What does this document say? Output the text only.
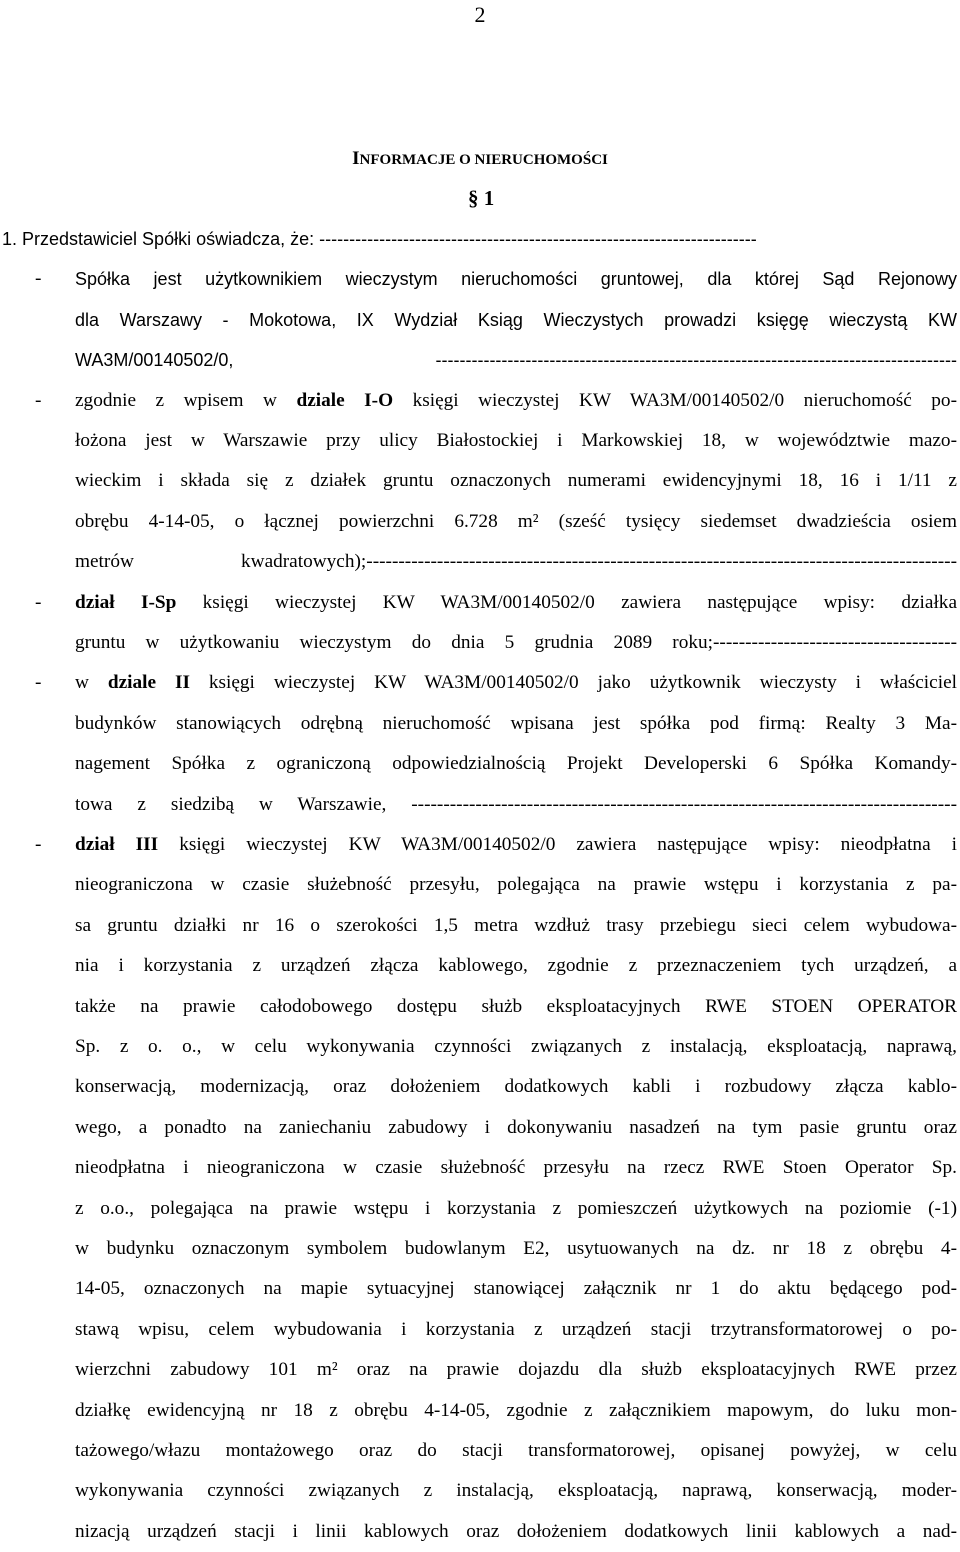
2
INFORMACJE O NIERUCHOMOŚCI
§ 1
1. Przedstawiciel Spółki oświadcza, że: -------------------------------------------------------------------------
- Spółka jest użytkownikiem wieczystym nieruchomości gruntowej, dla której Sąd Rejonowy
dla Warszawy - Mokotowa, IX Wydział Ksiąg Wieczystych prowadzi księgę wieczystą KW
WA3M/00140502/0, ---------------------------------------------------------------------------------------
- zgodnie z wpisem w dziale I-O księgi wieczystej KW WA3M/00140502/0 nieruchomość po-
łożona jest w Warszawie przy ulicy Białostockiej i Markowskiej 18, w województwie mazo-
wieckim i składa się z działek gruntu oznaczonych numerami ewidencyjnymi 18, 16 i 1/11 z
obrębu 4-14-05, o łącznej powierzchni 6.728 m² (sześć tysięcy siedemset dwadzieścia osiem
metrów kwadratowych);--------------------------------------------------------------------------------------------
- dział I-Sp księgi wieczystej KW WA3M/00140502/0 zawiera następujące wpisy: działka
gruntu w użytkowaniu wieczystym do dnia 5 grudnia 2089 roku;--------------------------------------
- w dziale II księgi wieczystej KW WA3M/00140502/0 jako użytkownik wieczysty i właściciel
budynków stanowiących odrębną nieruchomość wpisana jest spółka pod firmą: Realty 3 Ma-
nagement Spółka z ograniczoną odpowiedzialnością Projekt Developerski 6 Spółka Komandy-
towa z siedzibą w Warszawie, -------------------------------------------------------------------------------------
- dział III księgi wieczystej KW WA3M/00140502/0 zawiera następujące wpisy: nieodpłatna i
nieograniczona w czasie służebność przesyłu, polegająca na prawie wstępu i korzystania z pa-
sa gruntu działki nr 16 o szerokości 1,5 metra wzdłuż trasy przebiegu sieci celem wybudowa-
nia i korzystania z urządzeń złącza kablowego, zgodnie z przeznaczeniem tych urządzeń, a
także na prawie całodobowego dostępu służb eksploatacyjnych RWE STOEN OPERATOR
Sp. z o. o., w celu wykonywania czynności związanych z instalacją, eksploatacją, naprawą,
konserwacją, modernizacją, oraz dołożeniem dodatkowych kabli i rozbudowy złącza kablo-
wego, a ponadto na zaniechaniu zabudowy i dokonywaniu nasadzeń na tym pasie gruntu oraz
nieodpłatna i nieograniczona w czasie służebność przesyłu na rzecz RWE Stoen Operator Sp.
z o.o., polegająca na prawie wstępu i korzystania z pomieszczeń użytkowych na poziomie (-1)
w budynku oznaczonym symbolem budowlanym E2, usytuowanych na dz. nr 18 z obrębu 4-
14-05, oznaczonych na mapie sytuacyjnej stanowiącej załącznik nr 1 do aktu będącego pod-
stawą wpisu, celem wybudowania i korzystania z urządzeń stacji trzytransformatorowej o po-
wierzchni zabudowy 101 m² oraz na prawie dojazdu dla służb eksploatacyjnych RWE przez
działkę ewidencyjną nr 18 z obrębu 4-14-05, zgodnie z załącznikiem mapowym, do luku mon-
tażowego/włazu montażowego oraz do stacji transformatorowej, opisanej powyżej, w celu
wykonywania czynności związanych z instalacją, eksploatacją, naprawą, konserwacją, moder-
nizacją urządzeń stacji i linii kablowych oraz dołożeniem dodatkowych linii kablowych a nad-
